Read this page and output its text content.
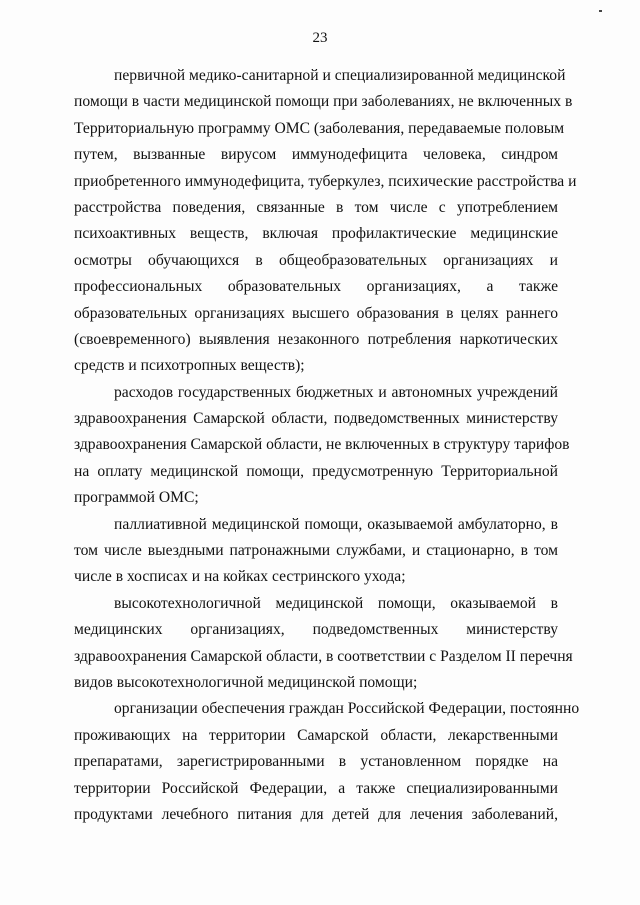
23
первичной медико-санитарной и специализированной медицинской
помощи в части медицинской помощи при заболеваниях, не включенных в
Территориальную программу ОМС (заболевания, передаваемые половым
путем, вызванные вирусом иммунодефицита человека, синдром
приобретенного иммунодефицита, туберкулез, психические расстройства и
расстройства поведения, связанные в том числе с употреблением
психоактивных веществ, включая профилактические медицинские
осмотры обучающихся в общеобразовательных организациях и
профессиональных образовательных организациях, а также
образовательных организациях высшего образования в целях раннего
(своевременного) выявления незаконного потребления наркотических
средств и психотропных веществ);
расходов государственных бюджетных и автономных учреждений
здравоохранения Самарской области, подведомственных министерству
здравоохранения Самарской области, не включенных в структуру тарифов
на оплату медицинской помощи, предусмотренную Территориальной
программой ОМС;
паллиативной медицинской помощи, оказываемой амбулаторно, в
том числе выездными патронажными службами, и стационарно, в том
числе в хосписах и на койках сестринского ухода;
высокотехнологичной медицинской помощи, оказываемой в
медицинских организациях, подведомственных министерству
здравоохранения Самарской области, в соответствии с Разделом II перечня
видов высокотехнологичной медицинской помощи;
организации обеспечения граждан Российской Федерации, постоянно
проживающих на территории Самарской области, лекарственными
препаратами, зарегистрированными в установленном порядке на
территории Российской Федерации, а также специализированными
продуктами лечебного питания для детей для лечения заболеваний,
